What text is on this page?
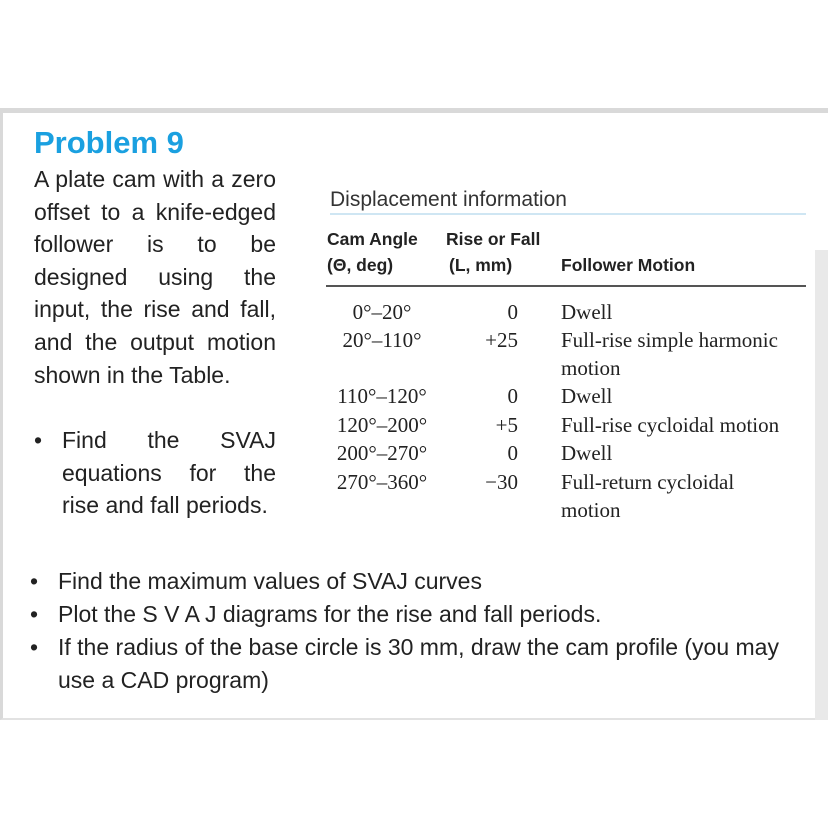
Problem 9

A plate cam with a zero offset to a knife-edged follower is to be designed using the input, the rise and fall, and the output motion shown in the Table.

• Find the SVAJ equations for the rise and fall periods.
• Find the maximum values of SVAJ curves
• Plot the S V A J diagrams for the rise and fall periods.
• If the radius of the base circle is 30 mm, draw the cam profile (you may use a CAD program)
Displacement information
Cam Angle
(Θ, deg)
Rise or Fall
(L, mm)	Follower Motion
0°–20°	0 Dwell
20°–110°	+25 Full-rise simple harmonic
motion
110°–120°	0 Dwell
120°–200°	+5 Full-rise cycloidal motion
200°–270°	0 Dwell
270°–360°	−30 Full-return cycloidal
motion
